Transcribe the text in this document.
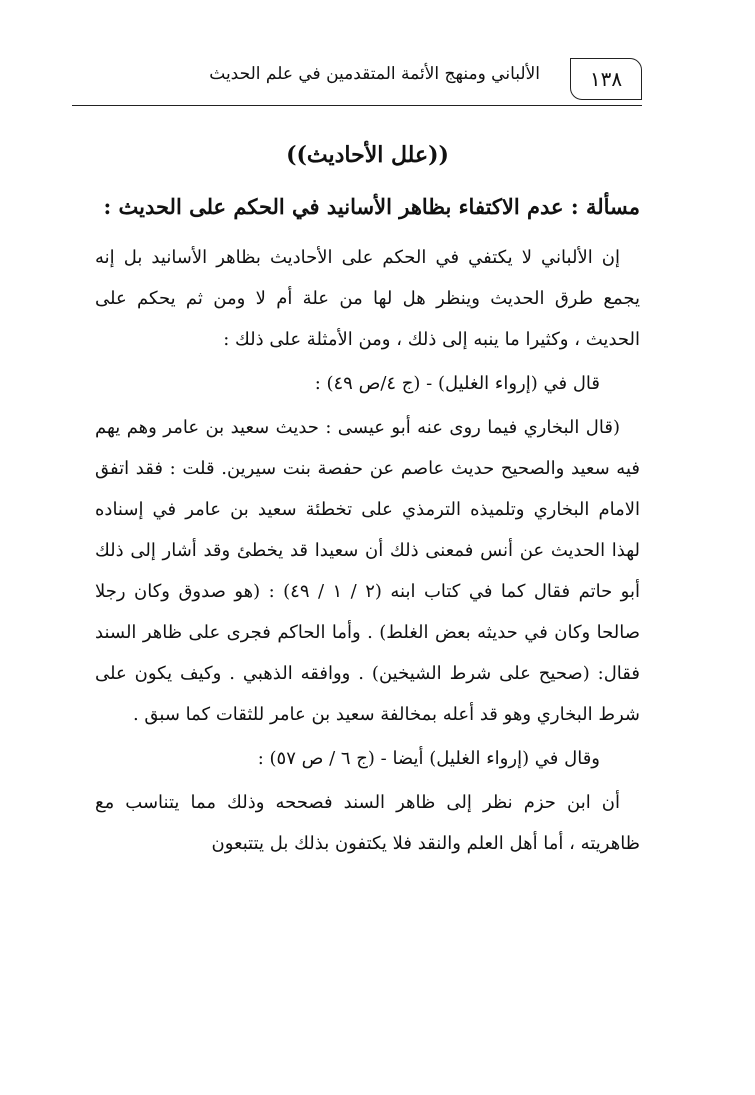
١٣٨
الألباني ومنهج الأئمة المتقدمين في علم الحديث
((علل الأحاديث))
مسألة : عدم الاكتفاء بظاهر الأسانيد في الحكم على الحديث :
إن الألباني لا يكتفي في الحكم على الأحاديث بظاهر الأسانيد بل إنه يجمع طرق الحديث وينظر هل لها من علة أم لا ومن ثم يحكم على الحديث ، وكثيرا ما ينبه إلى ذلك ، ومن الأمثلة على ذلك :
قال في (إرواء الغليل) - (ج ٤/ص ٤٩) :
(قال البخاري فيما روى عنه أبو عيسى : حديث سعيد بن عامر وهم يهم فيه سعيد والصحيح حديث عاصم عن حفصة بنت سيرين. قلت : فقد اتفق الامام البخاري وتلميذه الترمذي على تخطئة سعيد بن عامر في إسناده لهذا الحديث عن أنس فمعنى ذلك أن سعيدا قد يخطئ وقد أشار إلى ذلك أبو حاتم فقال كما في كتاب ابنه (٢ / ١ / ٤٩) : (هو صدوق وكان رجلا صالحا وكان في حديثه بعض الغلط) . وأما الحاكم فجرى على ظاهر السند فقال: (صحيح على شرط الشيخين) . ووافقه الذهبي . وكيف يكون على شرط البخاري وهو قد أعله بمخالفة سعيد بن عامر للثقات كما سبق .
وقال في (إرواء الغليل) أيضا - (ج ٦ / ص ٥٧) :
أن ابن حزم نظر إلى ظاهر السند فصححه وذلك مما يتناسب مع ظاهريته ، أما أهل العلم والنقد فلا يكتفون بذلك بل يتتبعون
